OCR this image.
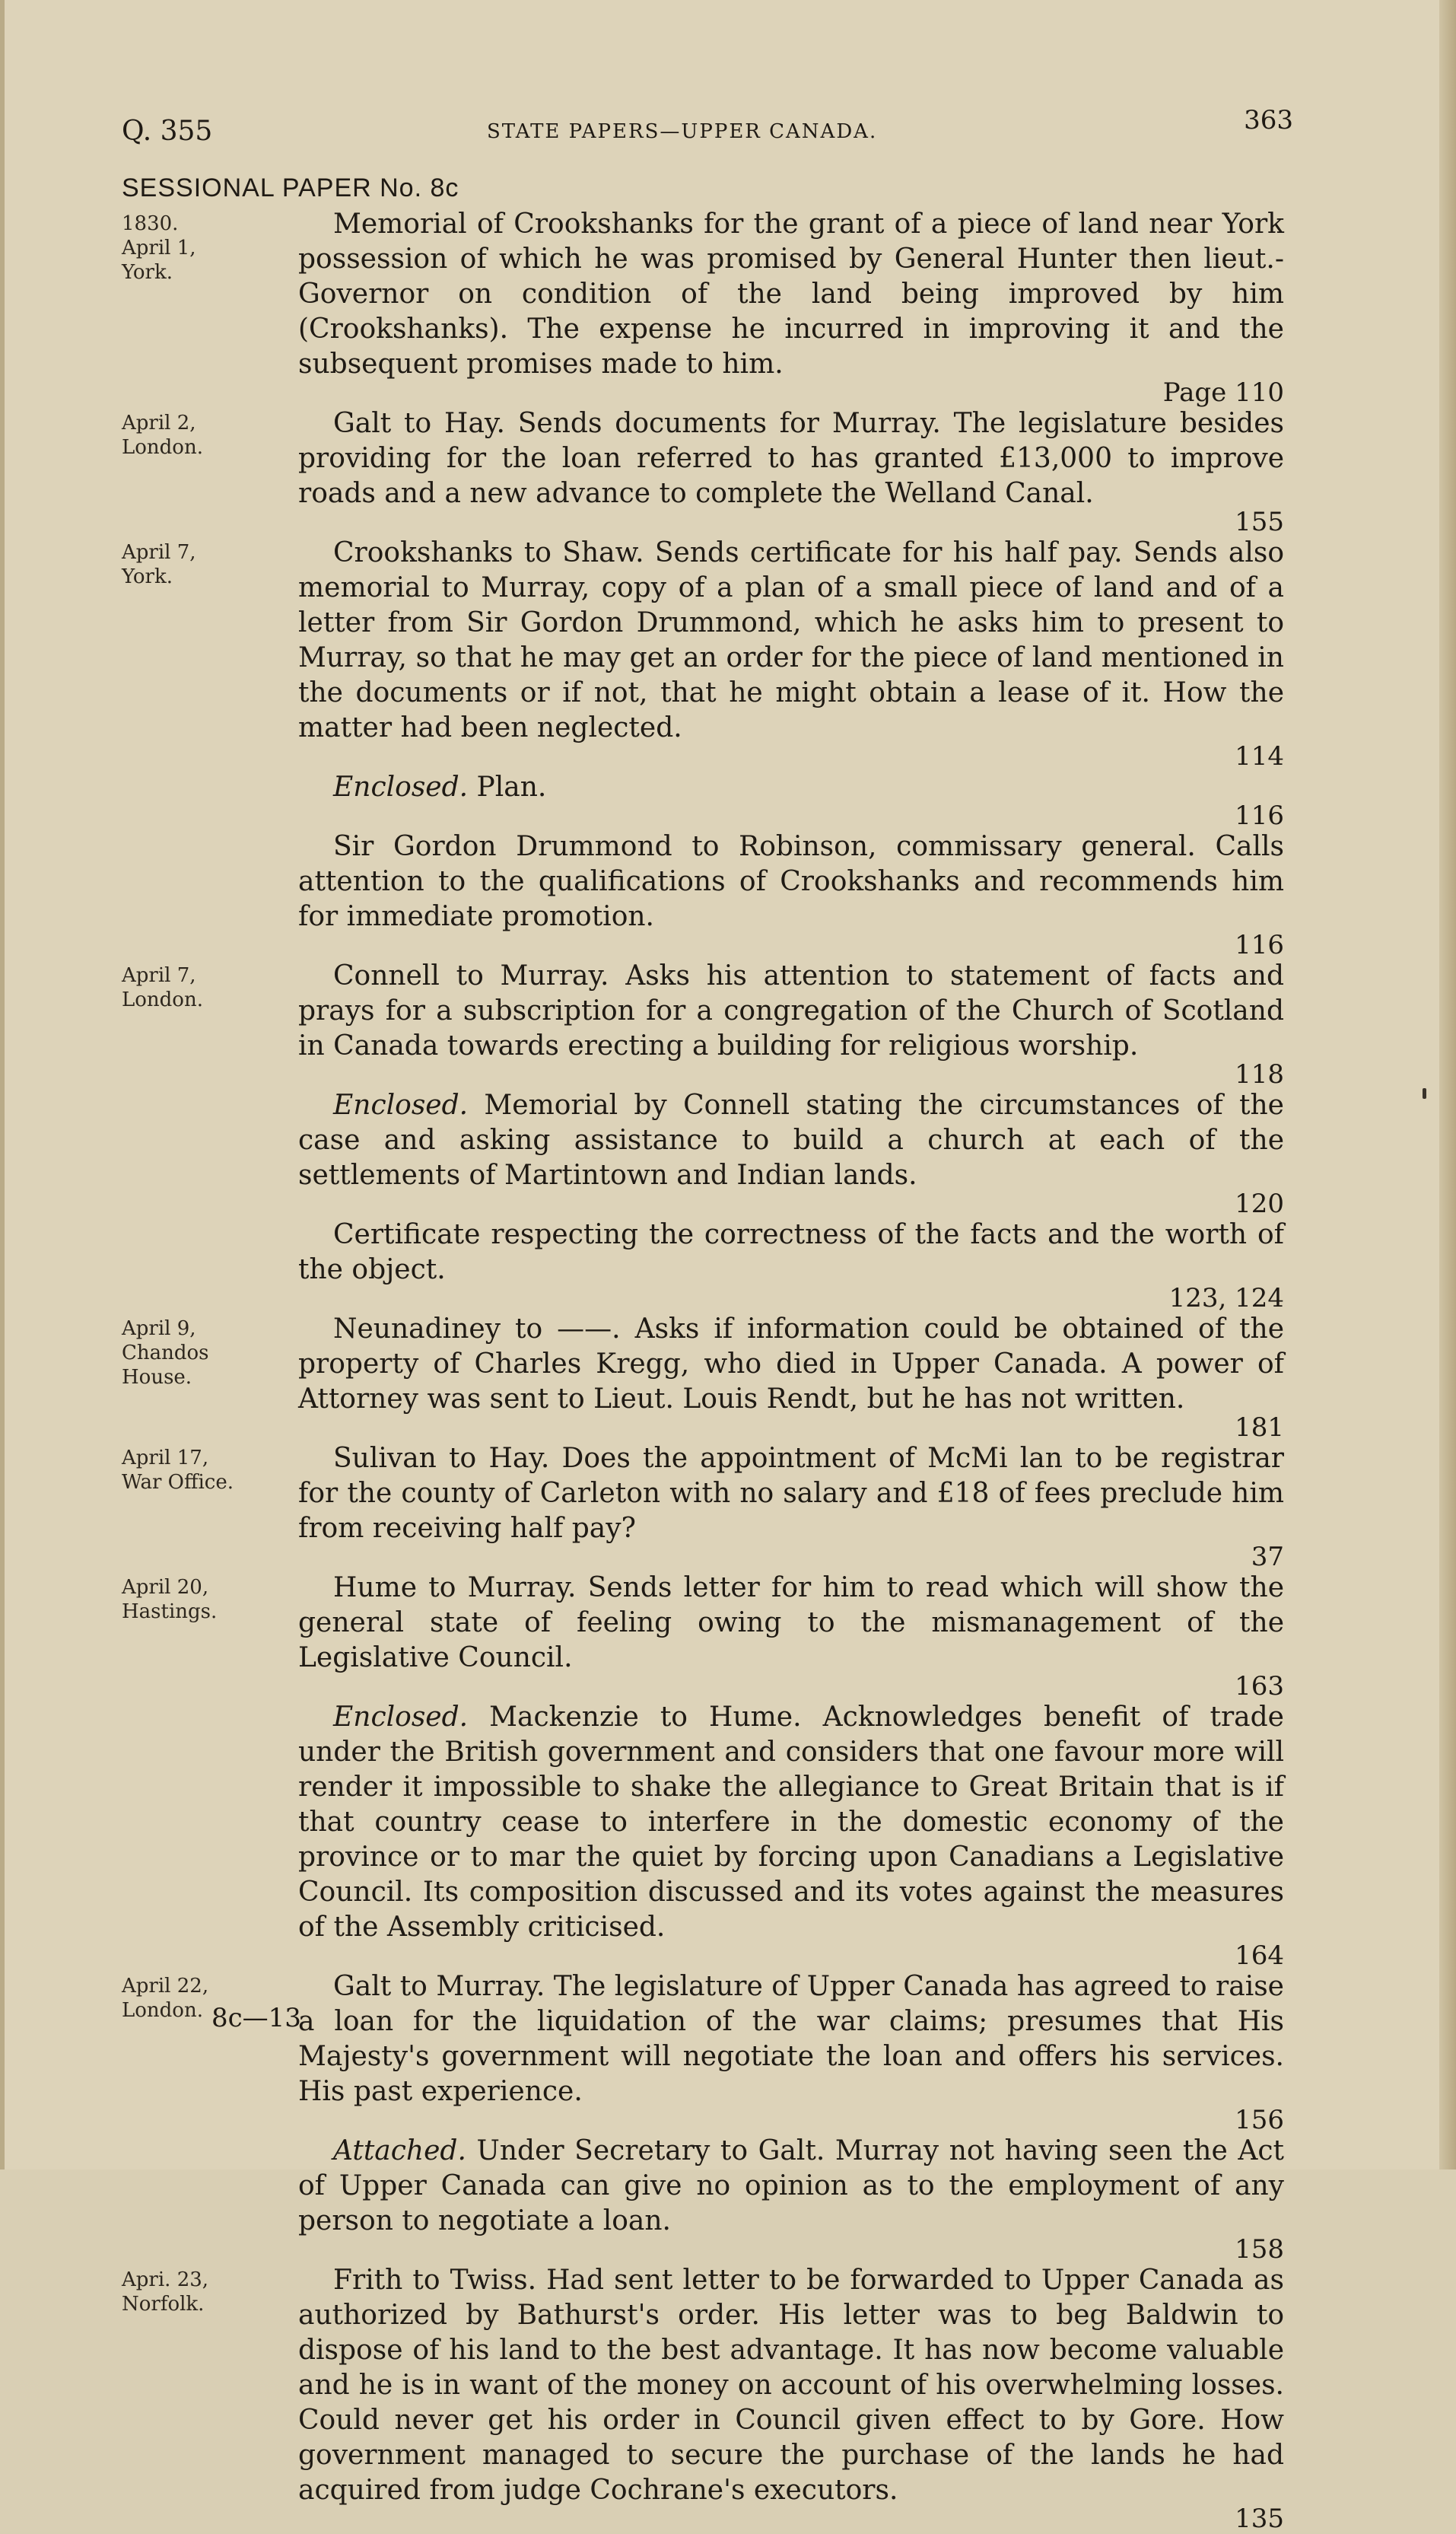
Q. 355	STATE PAPERS—UPPER CANADA.	363
SESSIONAL PAPER No. 8c
1830.
April 1,
York.

Memorial of Crookshanks for the grant of a piece of land near York possession of which he was promised by General Hunter then lieut.-Governor on condition of the land being improved by him (Crookshanks). The expense he incurred in improving it and the subsequent promises made to him.
Page 110

April 2,
London.

Galt to Hay. Sends documents for Murray. The legislature besides providing for the loan referred to has granted £13,000 to improve roads and a new advance to complete the Welland Canal.
155

April 7,
York.

Crookshanks to Shaw. Sends certificate for his half pay. Sends also memorial to Murray, copy of a plan of a small piece of land and of a letter from Sir Gordon Drummond, which he asks him to present to Murray, so that he may get an order for the piece of land mentioned in the documents or if not, that he might obtain a lease of it. How the matter had been neglected.
114

Enclosed. Plan.
116

Sir Gordon Drummond to Robinson, commissary general. Calls attention to the qualifications of Crookshanks and recommends him for immediate promotion.
116

April 7,
London.

Connell to Murray. Asks his attention to statement of facts and prays for a subscription for a congregation of the Church of Scotland in Canada towards erecting a building for religious worship.
118

Enclosed. Memorial by Connell stating the circumstances of the case and asking assistance to build a church at each of the settlements of Martintown and Indian lands.
120

Certificate respecting the correctness of the facts and the worth of the object.
123, 124

April 9,
Chandos
House.

Neunadiney to ——. Asks if information could be obtained of the property of Charles Kregg, who died in Upper Canada. A power of Attorney was sent to Lieut. Louis Rendt, but he has not written.
181

April 17,
War Office.

Sulivan to Hay. Does the appointment of McMi lan to be registrar for the county of Carleton with no salary and £18 of fees preclude him from receiving half pay?
37

April 20,
Hastings.

Hume to Murray. Sends letter for him to read which will show the general state of feeling owing to the mismanagement of the Legislative Council.
163

Enclosed. Mackenzie to Hume. Acknowledges benefit of trade under the British government and considers that one favour more will render it impossible to shake the allegiance to Great Britain that is if that country cease to interfere in the domestic economy of the province or to mar the quiet by forcing upon Canadians a Legislative Council. Its composition discussed and its votes against the measures of the Assembly criticised.
164

April 22,
London.

Galt to Murray. The legislature of Upper Canada has agreed to raise a loan for the liquidation of the war claims; presumes that His Majesty's government will negotiate the loan and offers his services. His past experience.
156

Attached. Under Secretary to Galt. Murray not having seen the Act of Upper Canada can give no opinion as to the employment of any person to negotiate a loan.
158

Apri. 23,
Norfolk.

Frith to Twiss. Had sent letter to be forwarded to Upper Canada as authorized by Bathurst's order. His letter was to beg Baldwin to dispose of his land to the best advantage. It has now become valuable and he is in want of the money on account of his overwhelming losses. Could never get his order in Council given effect to by Gore. How government managed to secure the purchase of the lands he had acquired from judge Cochrane's executors.
135

8c—13
